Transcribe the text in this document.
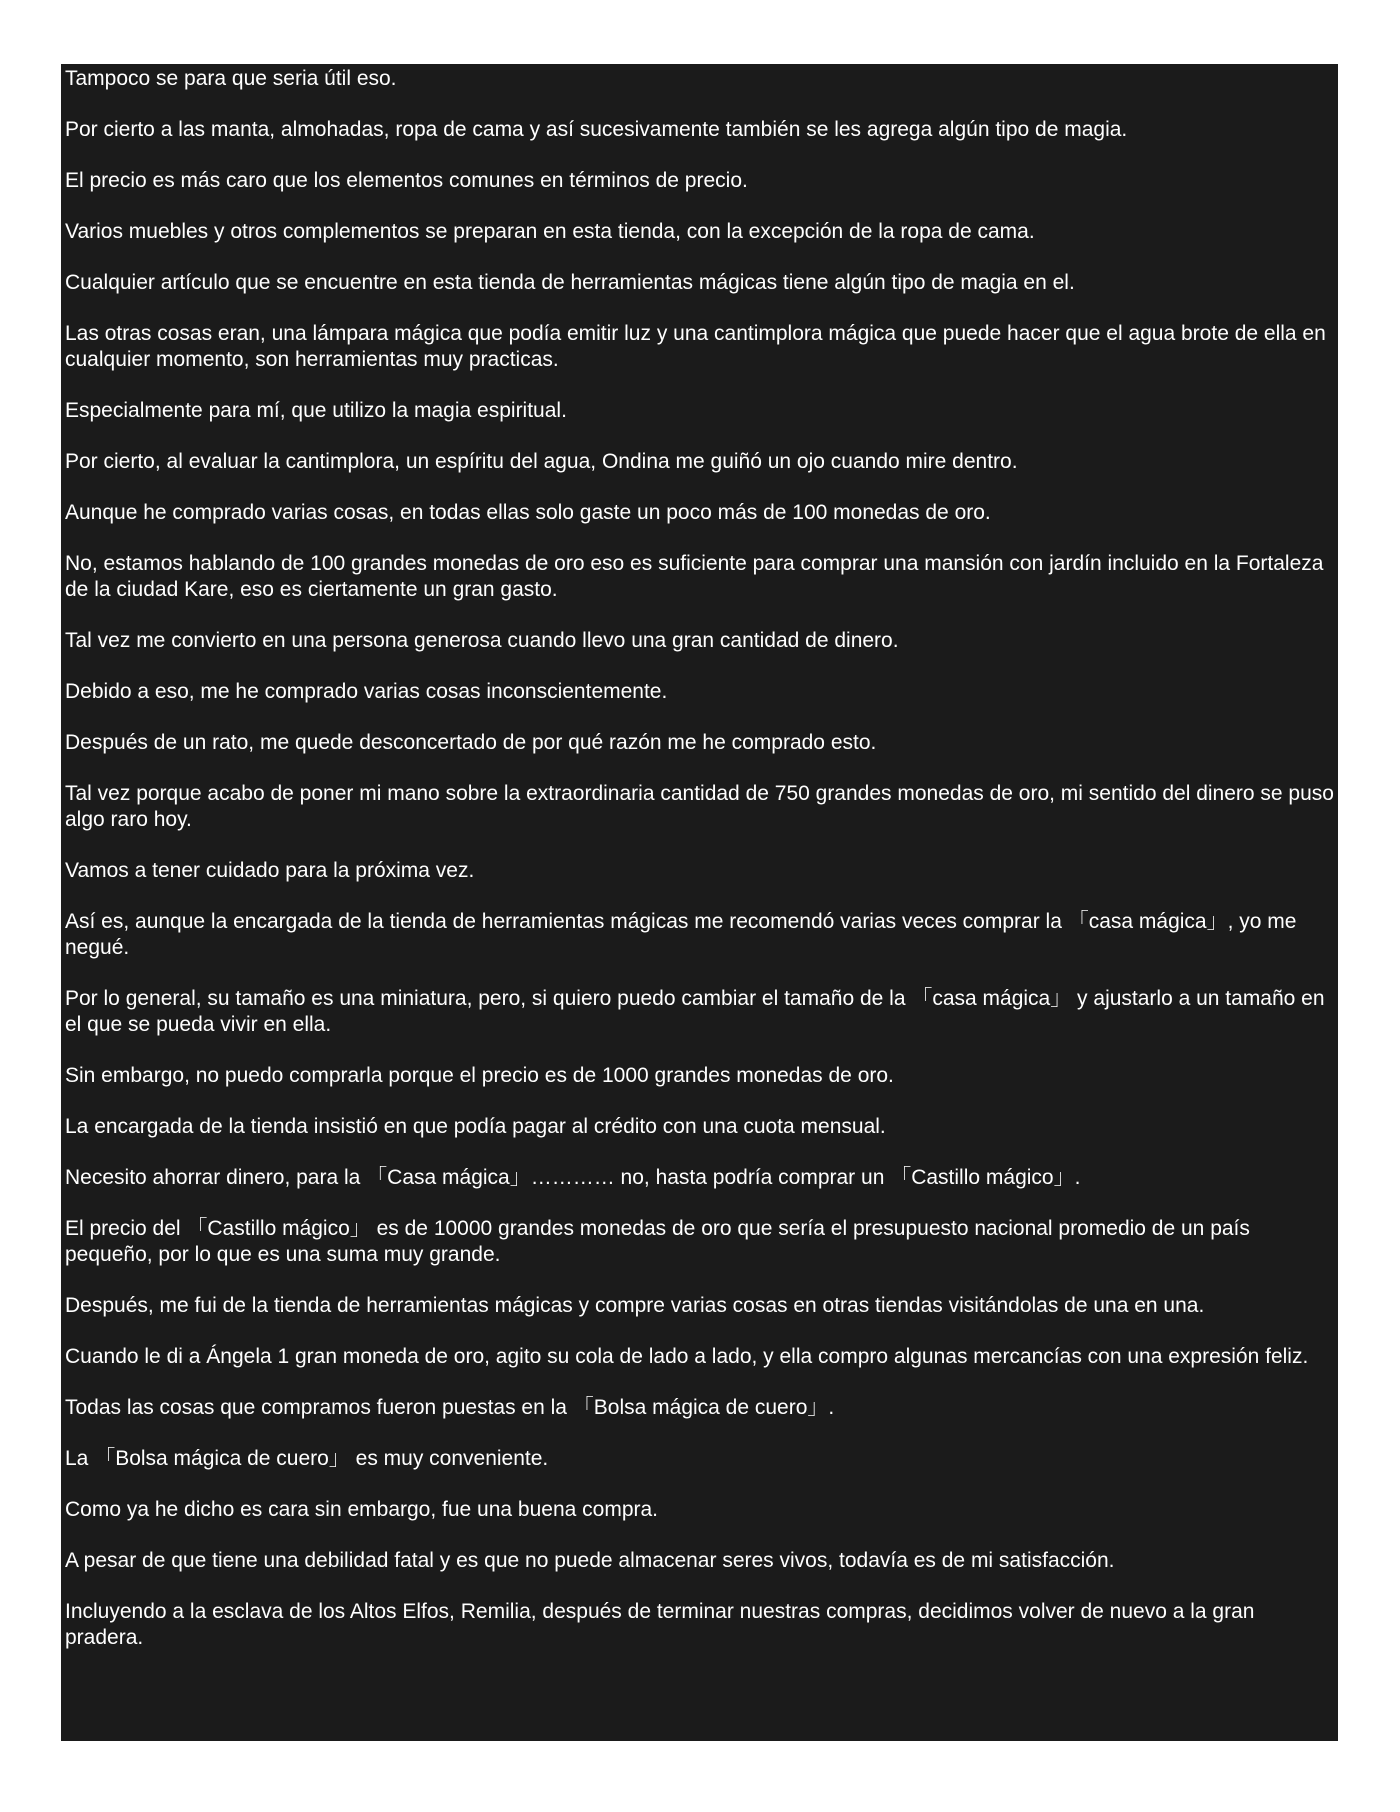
Tampoco se para que seria útil eso.

Por cierto a las manta, almohadas, ropa de cama y así sucesivamente también se les agrega algún tipo de magia.

El precio es más caro que los elementos comunes en términos de precio.

Varios muebles y otros complementos se preparan en esta tienda, con la excepción de la ropa de cama.

Cualquier artículo que se encuentre en esta tienda de herramientas mágicas tiene algún tipo de magia en el.

Las otras cosas eran, una lámpara mágica que podía emitir luz y una cantimplora mágica que puede hacer que el agua brote de ella en cualquier momento, son herramientas muy practicas.

Especialmente para mí, que utilizo la magia espiritual.

Por cierto, al evaluar la cantimplora, un espíritu del agua, Ondina me guiñó un ojo cuando mire dentro.

Aunque he comprado varias cosas, en todas ellas solo gaste un poco más de 100 monedas de oro.

No, estamos hablando de 100 grandes monedas de oro eso es suficiente para comprar una mansión con jardín incluido en la Fortaleza de la ciudad Kare, eso es ciertamente un gran gasto.

Tal vez me convierto en una persona generosa cuando llevo una gran cantidad de dinero.

Debido a eso, me he comprado varias cosas inconscientemente.

Después de un rato, me quede desconcertado de por qué razón me he comprado esto.

Tal vez porque acabo de poner mi mano sobre la extraordinaria cantidad de 750 grandes monedas de oro, mi sentido del dinero se puso algo raro hoy.

Vamos a tener cuidado para la próxima vez.

Así es, aunque la encargada de la tienda de herramientas mágicas me recomendó varias veces comprar la 「casa mágica」, yo me negué.

Por lo general, su tamaño es una miniatura, pero, si quiero puedo cambiar el tamaño de la 「casa mágica」 y ajustarlo a un tamaño en el que se pueda vivir en ella.

Sin embargo, no puedo comprarla porque el precio es de 1000 grandes monedas de oro.

La encargada de la tienda insistió en que podía pagar al crédito con una cuota mensual.

Necesito ahorrar dinero, para la 「Casa mágica」………… no, hasta podría comprar un 「Castillo mágico」.

El precio del 「Castillo mágico」 es de 10000 grandes monedas de oro que sería el presupuesto nacional promedio de un país pequeño, por lo que es una suma muy grande.

Después, me fui de la tienda de herramientas mágicas y compre varias cosas en otras tiendas visitándolas de una en una.

Cuando le di a Ángela 1 gran moneda de oro, agito su cola de lado a lado, y ella compro algunas mercancías con una expresión feliz.

Todas las cosas que compramos fueron puestas en la 「Bolsa mágica de cuero」.

La 「Bolsa mágica de cuero」 es muy conveniente.

Como ya he dicho es cara sin embargo, fue una buena compra.

A pesar de que tiene una debilidad fatal y es que no puede almacenar seres vivos, todavía es de mi satisfacción.

Incluyendo a la esclava de los Altos Elfos, Remilia, después de terminar nuestras compras, decidimos volver de nuevo a la gran pradera.
